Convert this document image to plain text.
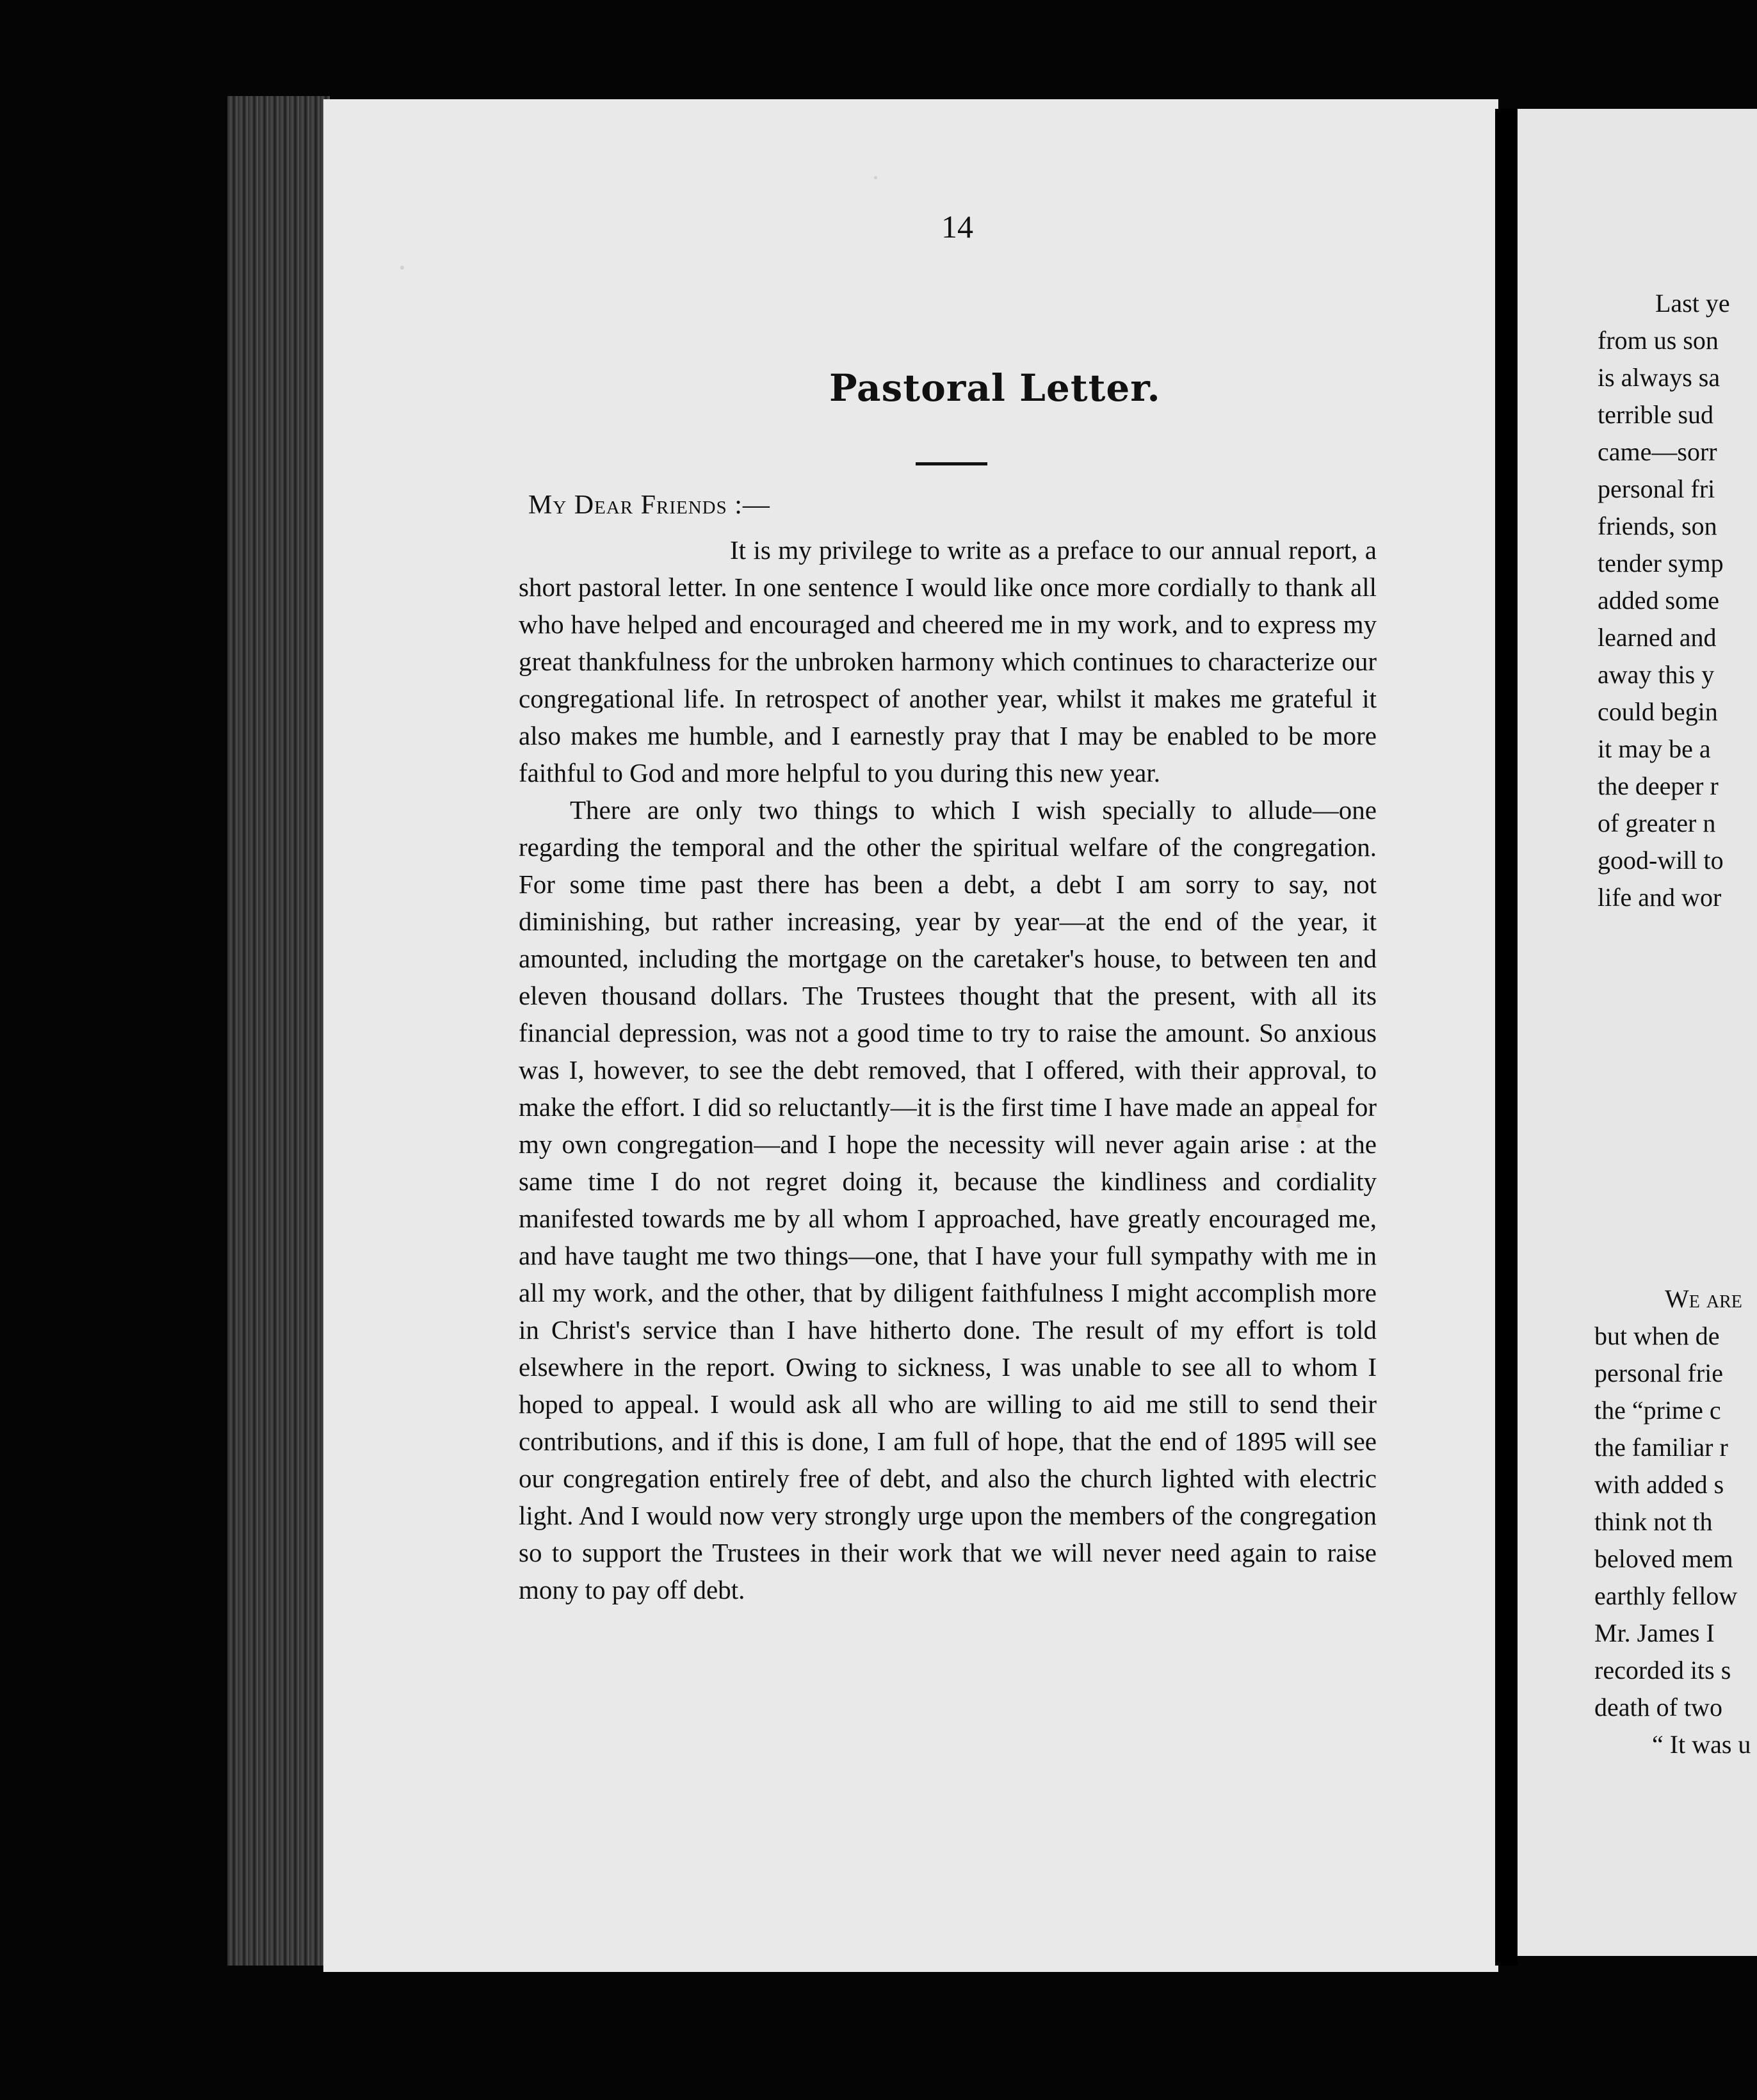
14
Pastoral Letter.
My Dear Friends :—

It is my privilege to write as a preface to our annual report, a short pastoral letter. In one sentence I would like once more cordially to thank all who have helped and encouraged and cheered me in my work, and to express my great thankfulness for the unbroken harmony which continues to characterize our congregational life. In retrospect of another year, whilst it makes me grateful it also makes me humble, and I earnestly pray that I may be enabled to be more faithful to God and more helpful to you during this new year.

There are only two things to which I wish specially to allude—one regarding the temporal and the other the spiritual welfare of the congregation. For some time past there has been a debt, a debt I am sorry to say, not diminishing, but rather increasing, year by year—at the end of the year, it amounted, including the mortgage on the caretaker's house, to between ten and eleven thousand dollars. The Trustees thought that the present, with all its financial depression, was not a good time to try to raise the amount. So anxious was I, however, to see the debt removed, that I offered, with their approval, to make the effort. I did so reluctantly—it is the first time I have made an appeal for my own congregation—and I hope the necessity will never again arise : at the same time I do not regret doing it, because the kindliness and cordiality manifested towards me by all whom I approached, have greatly encouraged me, and have taught me two things—one, that I have your full sympathy with me in all my work, and the other, that by diligent faithfulness I might accomplish more in Christ's service than I have hitherto done. The result of my effort is told elsewhere in the report. Owing to sickness, I was unable to see all to whom I hoped to appeal. I would ask all who are willing to aid me still to send their contributions, and if this is done, I am full of hope, that the end of 1895 will see our congregation entirely free of debt, and also the church lighted with electric light. And I would now very strongly urge upon the members of the congregation so to support the Trustees in their work that we will never need again to raise mony to pay off debt.

Last ye
from us son
is always sa
terrible sud
came—sorr
personal fri
friends, son
tender symp
added some
learned and
away this y
could begin
it may be a
the deeper r
of greater n
good-will to
life and wor
We are
but when de
personal frie
the “prime c
the familiar r
with added s
think not th
beloved mem
earthly fellow
Mr. James I
recorded its s
death of two
“ It was u
